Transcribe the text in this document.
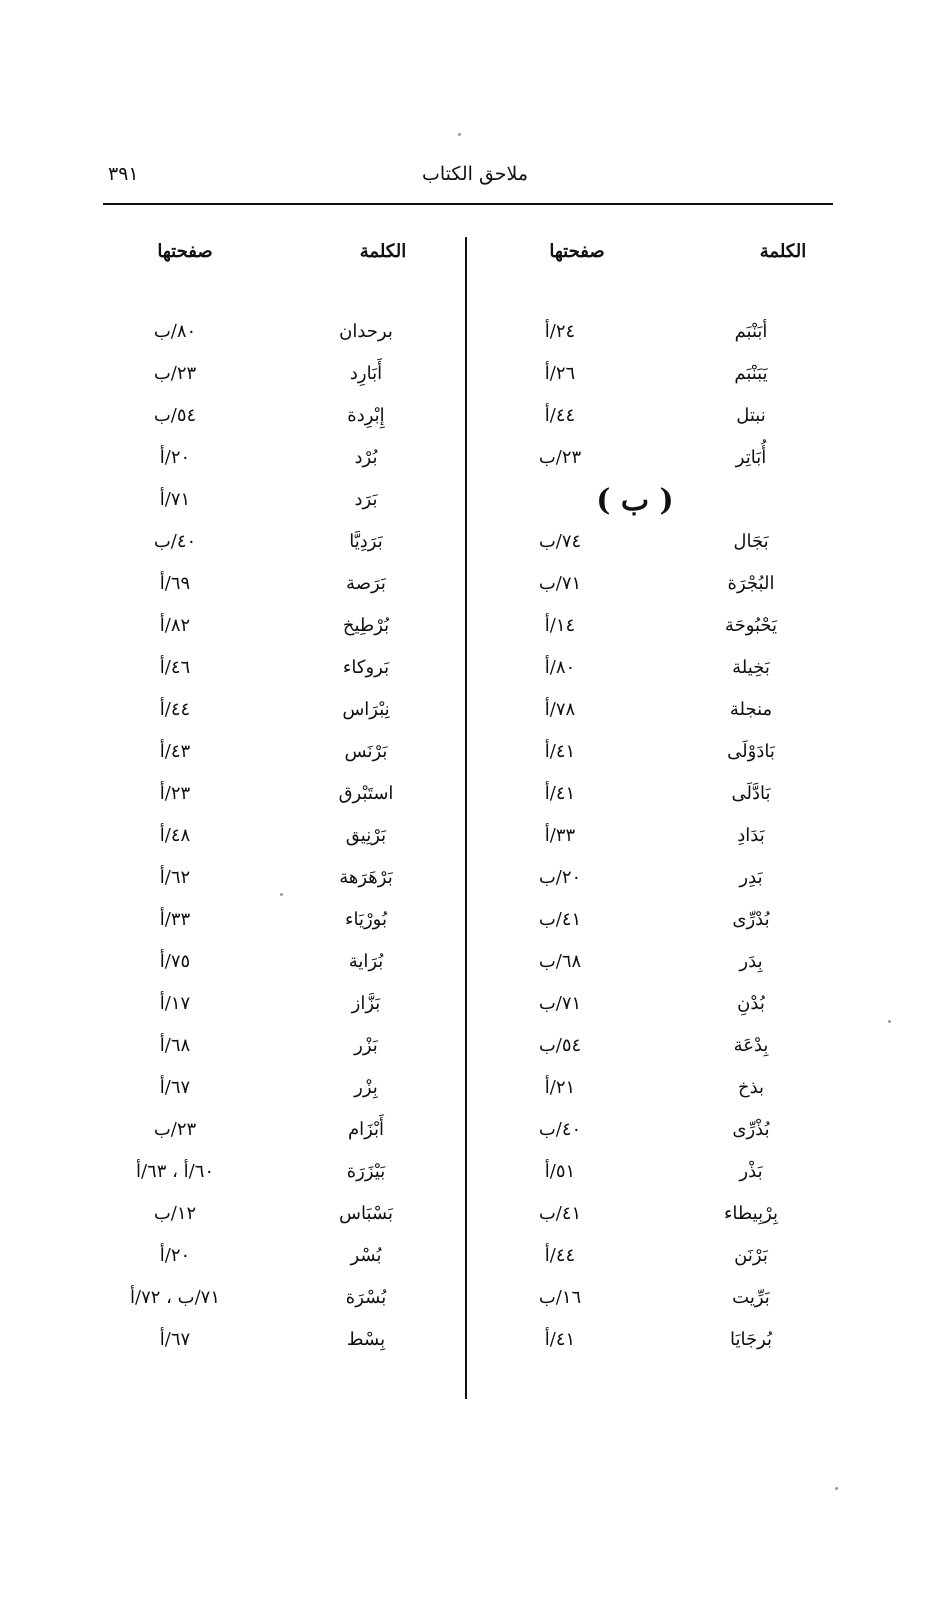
ملاحق الكتاب
٣٩١
الكلمة
صفحتها
الكلمة
صفحتها
أبَنْبَم
٢٤/أ
يَبَنْبَم
٢٦/أ
نبتل
٤٤/أ
أُبَاتِر
٢٣/ب
( ب )
بَجَال
٧٤/ب
البُجْرَة
٧١/ب
يَحْبُوحَة
١٤/أ
بَخِيلة
٨٠/أ
منجلة
٧٨/أ
بَادَوْلَى
٤١/أ
بَادَّلَى
٤١/أ
بَدَادِ
٣٣/أ
بَدِر
٢٠/ب
بُدْرِّى
٤١/ب
بِدَر
٦٨/ب
بُدْنِ
٧١/ب
بِدْعَة
٥٤/ب
بذخ
٢١/أ
بُذْرِّى
٤٠/ب
بَذْر
٥١/أ
بِرْبِيطاء
٤١/ب
بَرْنَن
٤٤/أ
بَرِّيت
١٦/ب
بُرجَايَا
٤١/أ
برحدان
٨٠/ب
أَبَارِد
٢٣/ب
إِبْرِدة
٥٤/ب
بُرْد
٢٠/أ
بَرَد
٧١/أ
بَرَدِيَّا
٤٠/ب
بَرَصة
٦٩/أ
بُرْطِيخ
٨٢/أ
بَروكاء
٤٦/أ
نِبْرَاس
٤٤/أ
بَرْنَس
٤٣/أ
استَبْرق
٢٣/أ
بَرْنِيق
٤٨/أ
بَرْهَرَهة
٦٢/أ
بُورْيَاء
٣٣/أ
بُرَاية
٧٥/أ
بَزَّاز
١٧/أ
بَزْر
٦٨/أ
بِزْر
٦٧/أ
أَبْزَام
٢٣/ب
بَيْزَرَة
٦٠/أ ، ٦٣/أ
بَسْبَاس
١٢/ب
بُسْر
٢٠/أ
بُسْرَة
٧١/ب ، ٧٢/أ
بِسْط
٦٧/أ
